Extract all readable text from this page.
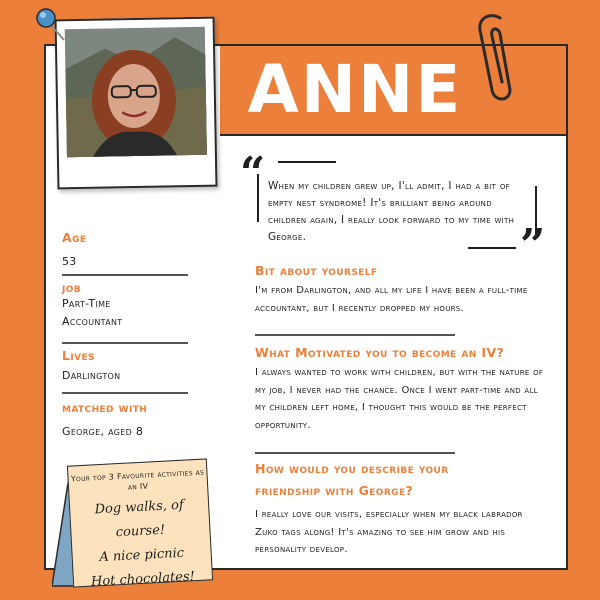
ANNE
“ When my children grew up, I'll admit, I had a bit of empty nest syndrome! It's brilliant being around children again, I really look forward to my time with George.	”
Age
53
job
Part-Time Accountant
Lives
Darlington
matched with
George, aged 8
Bit about yourself
I'm from Darlington, and all my life I have been a full-time accountant, but I recently dropped my hours.
What Motivated you to become an IV?
I always wanted to work with children, but with the nature of my job, I never had the chance. Once I went part-time and all my children left home, I thought this would be the perfect opportunity.
How would you describe your friendship with George?
I really love our visits, especially when my black labrador Zuko tags along! It's amazing to see him grow and his personality develop.
Your top 3 Favourite activities as an IV
Dog walks, of course!
A nice picnic
Hot chocolates!
